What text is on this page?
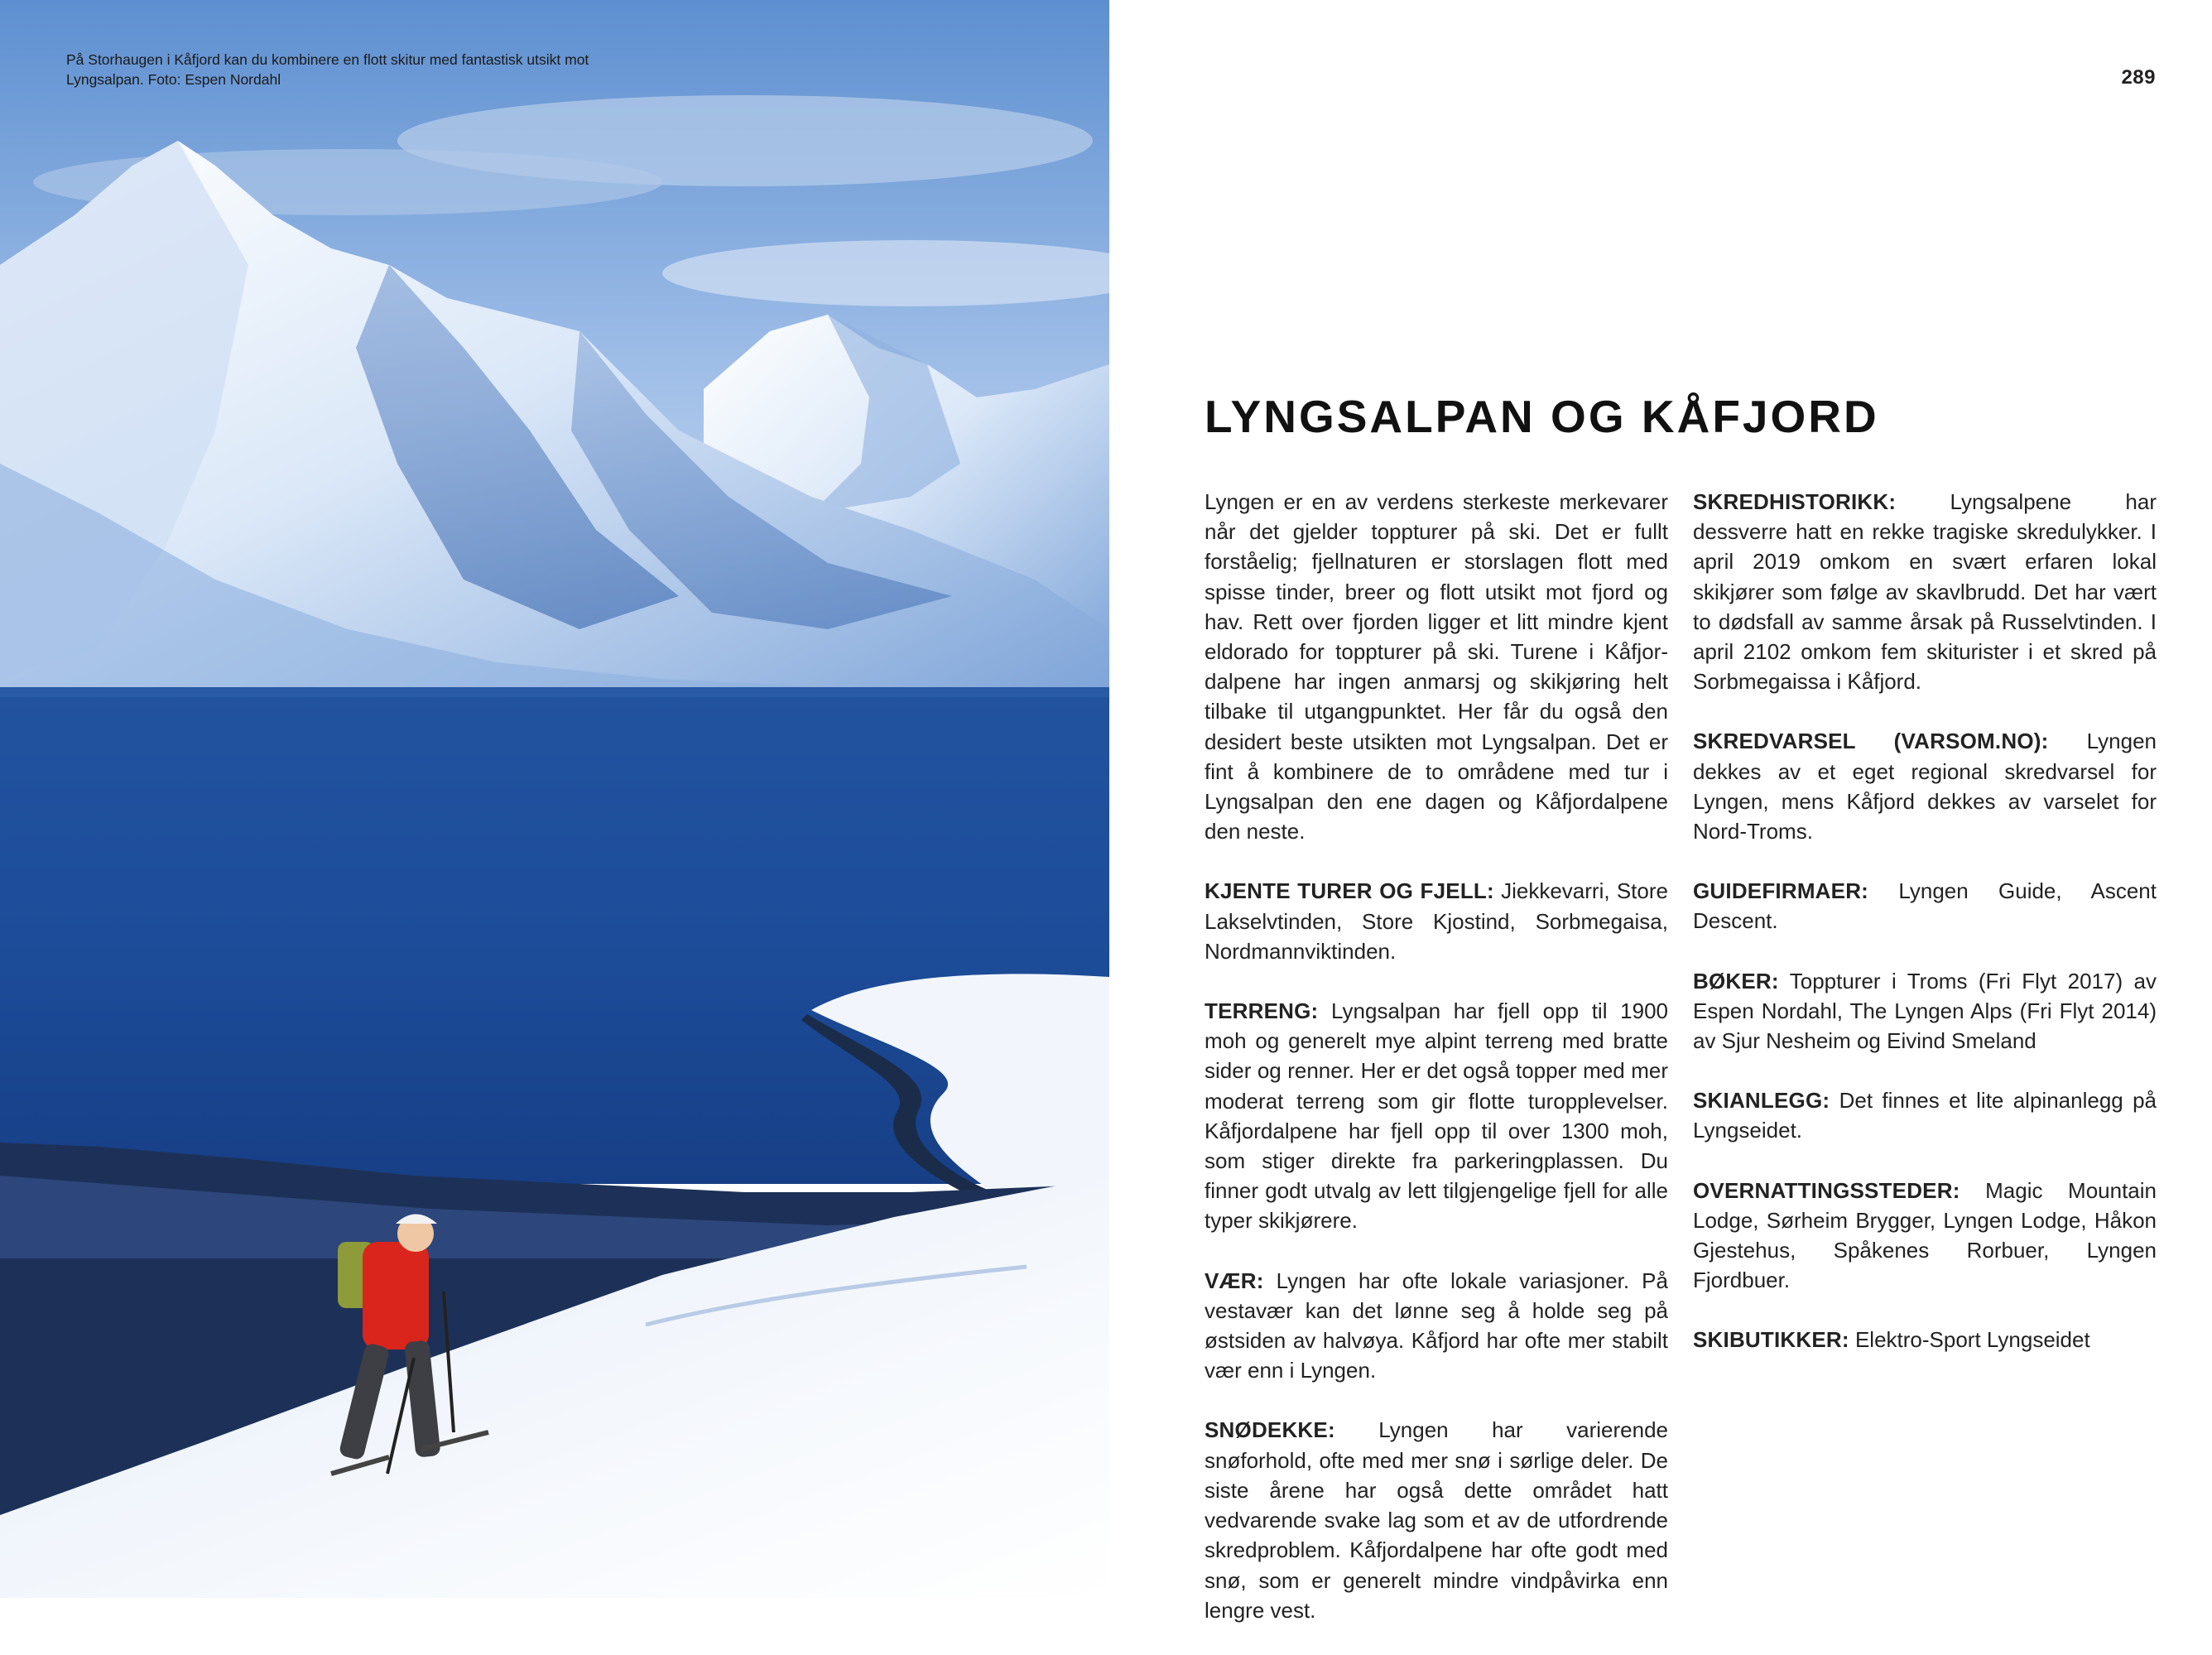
På Storhaugen i Kåfjord kan du kombinere en flott skitur med fantastisk utsikt mot Lyngsalpan. Foto: Espen Nordahl	289
LYNGSALPAN OG KÅFJORD

Lyngen er en av verdens sterkeste merkevarer når det gjelder toppturer på ski. Det er fullt forståelig; fjellnaturen er storslagen flott med spisse tinder, breer og flott utsikt mot fjord og hav. Rett over fjorden ligger et litt mindre kjent eldorado for toppturer på ski. Turene i Kåfjordalpene har ingen anmarsj og skikjøring helt tilbake til utgangpunktet. Her får du også den desidert beste utsikten mot Lyngsalpan. Det er fint å kombinere de to områdene med tur i Lyngsalpan den ene dagen og Kåfjordalpene den neste.

KJENTE TURER OG FJELL: Jiekkevarri, Store Lakselvtinden, Store Kjostind, Sorbmegaisa, Nordmannviktinden.

TERRENG: Lyngsalpan har fjell opp til 1900 moh og generelt mye alpint terreng med bratte sider og renner. Her er det også topper med mer moderat terreng som gir flotte turopplevelser. Kåfjordalpene har fjell opp til over 1300 moh, som stiger direkte fra parkeringplassen. Du finner godt utvalg av lett tilgjengelige fjell for alle typer skikjørere.

VÆR: Lyngen har ofte lokale variasjoner. På vestavær kan det lønne seg å holde seg på østsiden av halvøya. Kåfjord har ofte mer stabilt vær enn i Lyngen.

SNØDEKKE: Lyngen har varierende snøforhold, ofte med mer snø i sørlige deler. De siste årene har også dette området hatt vedvarende svake lag som et av de utfordrende skredproblem. Kåfjordalpene har ofte godt med snø, som er generelt mindre vindpåvirka enn lengre vest.

SKREDHISTORIKK: Lyngsalpene har dessverre hatt en rekke tragiske skredulykker. I april 2019 omkom en svært erfaren lokal skikjører som følge av skavlbrudd. Det har vært to dødsfall av samme årsak på Russelvtinden. I april 2102 omkom fem skiturister i et skred på Sorbmegaissa i Kåfjord.

SKREDVARSEL (VARSOM.NO): Lyngen dekkes av et eget regional skredvarsel for Lyngen, mens Kåfjord dekkes av varselet for Nord-Troms.

GUIDEFIRMAER: Lyngen Guide, Ascent Descent.

BØKER: Toppturer i Troms (Fri Flyt 2017) av Espen Nordahl, The Lyngen Alps (Fri Flyt 2014) av Sjur Nesheim og Eivind Smeland

SKIANLEGG: Det finnes et lite alpinanlegg på Lyngseidet.

OVERNATTINGSSTEDER: Magic Mountain Lodge, Sørheim Brygger, Lyngen Lodge, Håkon Gjestehus, Spåkenes Rorbuer, Lyngen Fjordbuer.

SKIBUTIKKER: Elektro-Sport Lyngseidet
